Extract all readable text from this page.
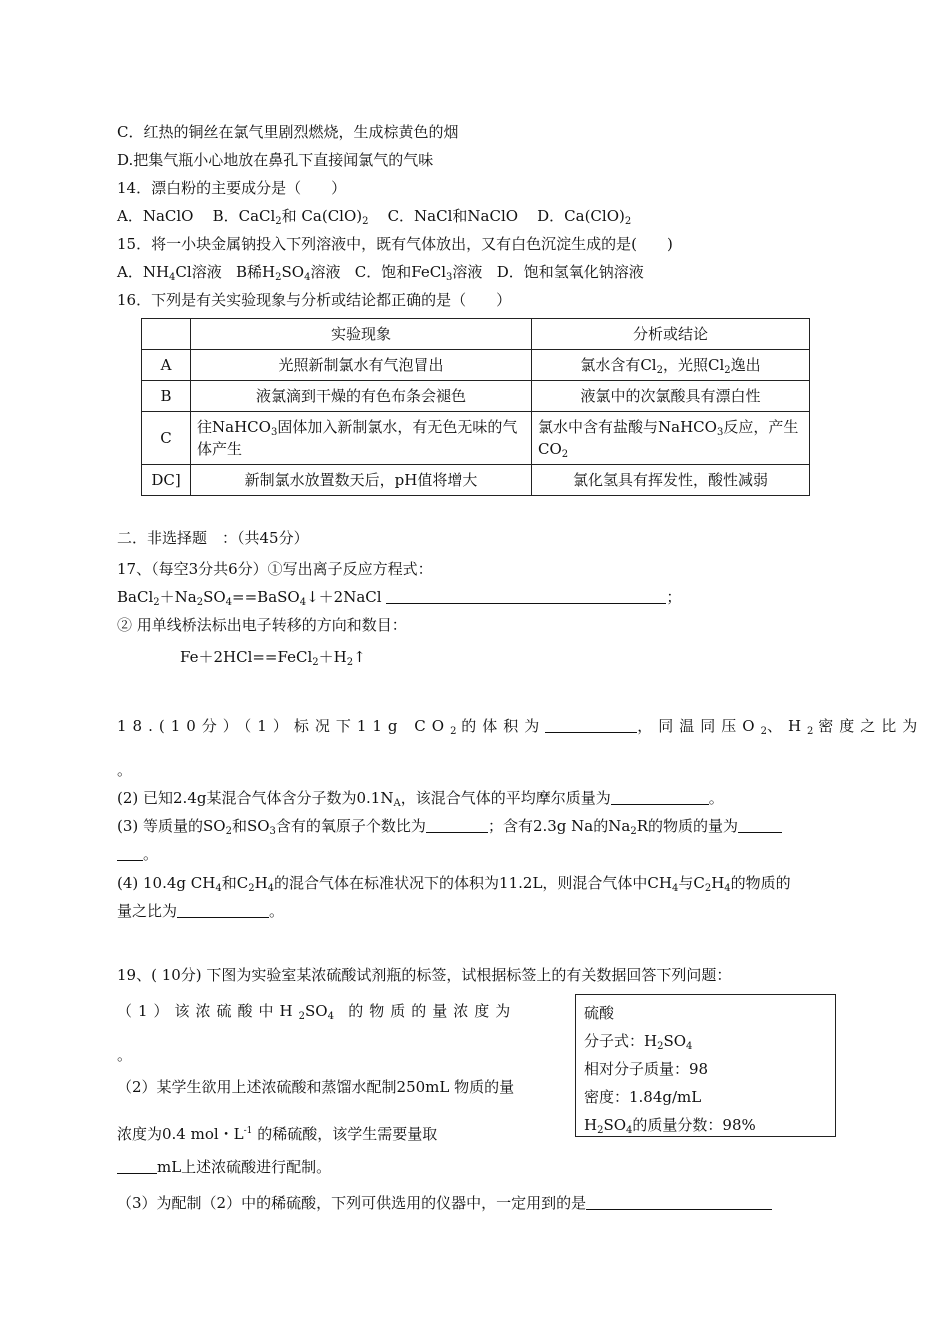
C．红热的铜丝在氯气里剧烈燃烧，生成棕黄色的烟
D.把集气瓶小心地放在鼻孔下直接闻氯气的气味
14．漂白粉的主要成分是（　　）
A．NaClO B．CaCl$_2$和 $Ca(ClO)_2$ C．NaCl和NaClO D．$Ca(ClO)_2$
15．将一小块金属钠投入下列溶液中，既有气体放出，又有白色沉淀生成的是(　　)
A．$NH_4Cl$溶液 B稀$H_2SO_4$溶液 C．饱和FeCl$_3$溶液 D．饱和氢氧化钠溶液
16．下列是有关实验现象与分析或结论都正确的是（　　）
	实验现象	分析或结论
A	光照新制氯水有气泡冒出	氯水含有$Cl_2$，光照$Cl_2$逸出
B	液氯滴到干燥的有色布条会褪色	液氯中的次氯酸具有漂白性
C	往NaHCO$_3$固体加入新制氯水，有无色无味的气体产生	氯水中含有盐酸与NaHCO$_3$反应，产生$CO_2$
DC]	新制氯水放置数天后，pH值将增大	氯化氢具有挥发性，酸性减弱
二．非选择题　：（共45分）
17、（每空3分共6分）①写出离子反应方程式：
$BaCl_2+Na_2SO_4==BaSO_4↓+2NaCl$	；
② 用单线桥法标出电子转移的方向和数目：
$Fe+2HCl==FeCl_2+H_2↑$
18.(10分）（1）标况下11g $CO_2$ 的体积为	，同温同压$O_2$、$H_2$ 密度之比为
。
(2) 已知2.4g某混合气体含分子数为$0.1N_A$，该混合气体的平均摩尔质量为	。
(3) 等质量的$SO_2$和$SO_3$含有的氧原子个数比为	；含有2.3g Na的$Na_2R$的物质的量为
。
(4) 10.4g $CH_4$和$C_2H_4$的混合气体在标准状况下的体积为11.2L，则混合气体中$CH_4$与$C_2H_4$的物质的
量之比为	。
19、( 10分) 下图为实验室某浓硫酸试剂瓶的标签，试根据标签上的有关数据回答下列问题：
（1）该浓硫酸中$H_2SO_4$ 的物质的量浓度为
。
（2）某学生欲用上述浓硫酸和蒸馏水配制250mL 物质的量
浓度为0.4 mol・$L^{-1}$ 的稀硫酸，该学生需要量取
mL上述浓硫酸进行配制。
（3）为配制（2）中的稀硫酸，下列可供选用的仪器中，一定用到的是
硫酸
分子式：$H_2SO_4$
相对分子质量：98
密度：1.84g/mL
$H_2SO_4$的质量分数：98%
